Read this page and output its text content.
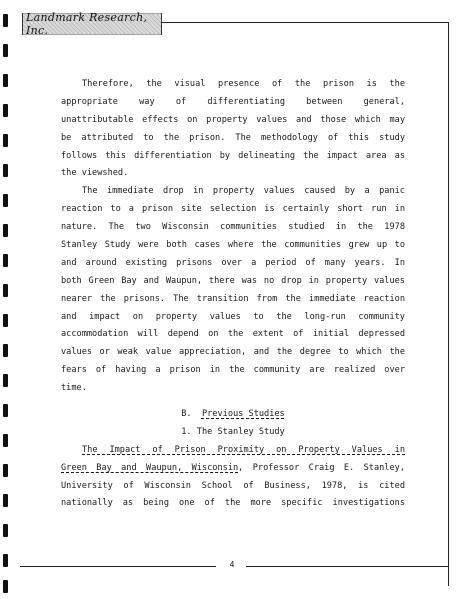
Landmark Research, Inc.
Therefore, the visual presence of the prison is the
appropriate way of differentiating between general,
unattributable effects on property values and those which may
be attributed to the prison. The methodology of this study
follows this differentiation by delineating the impact area as
the viewshed.
The immediate drop in property values caused by a panic
reaction to a prison site selection is certainly short run in
nature. The two Wisconsin communities studied in the 1978
Stanley Study were both cases where the communities grew up to
and around existing prisons over a period of many years. In
both Green Bay and Waupun, there was no drop in property values
nearer the prisons. The transition from the immediate reaction
and impact on property values to the long-run community
accommodation will depend on the extent of initial depressed
values or weak value appreciation, and the degree to which the
fears of having a prison in the community are realized over
time.
B. Previous Studies
1. The Stanley Study
The Impact of Prison Proximity on Property Values in
Green Bay and Waupun, Wisconsin, Professor Craig E. Stanley,
University of Wisconsin School of Business, 1978, is cited
nationally as being one of the more specific investigations
4
